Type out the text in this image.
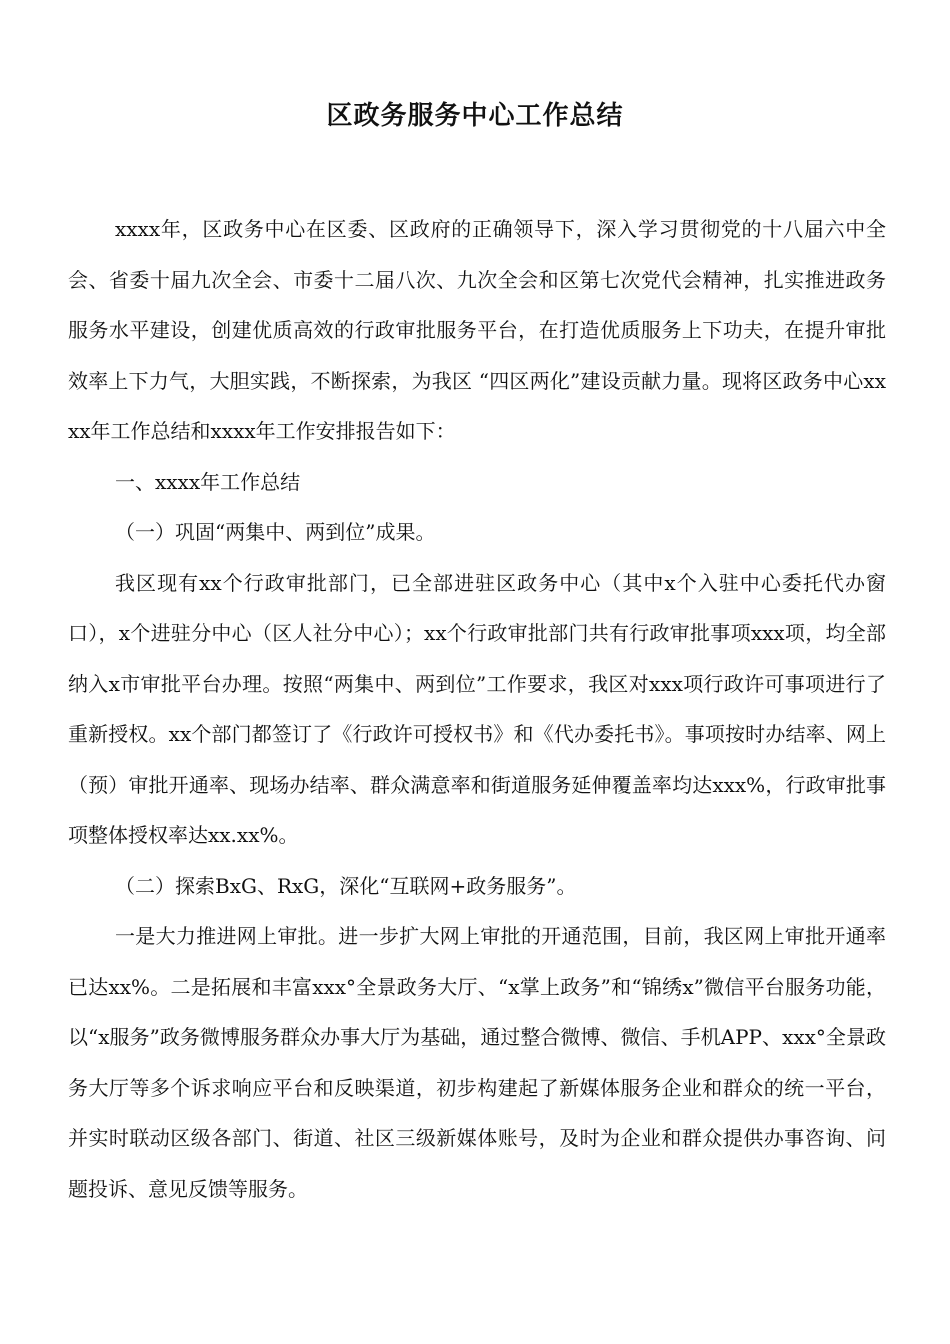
区政务服务中心工作总结

xxxx年，区政务中心在区委、区政府的正确领导下，深入学习贯彻党的十八届六中全会、省委十届九次全会、市委十二届八次、九次全会和区第七次党代会精神，扎实推进政务服务水平建设，创建优质高效的行政审批服务平台，在打造优质服务上下功夫，在提升审批效率上下力气，大胆实践，不断探索，为我区 “四区两化”建设贡献力量。现将区政务中心xxxx年工作总结和xxxx年工作安排报告如下：

一、xxxx年工作总结

（一）巩固“两集中、两到位”成果。

我区现有xx个行政审批部门，已全部进驻区政务中心（其中x个入驻中心委托代办窗口），x个进驻分中心（区人社分中心）；xx个行政审批部门共有行政审批事项xxx项，均全部纳入x市审批平台办理。按照“两集中、两到位”工作要求，我区对xxx项行政许可事项进行了重新授权。xx个部门都签订了《行政许可授权书》和《代办委托书》。事项按时办结率、网上（预）审批开通率、现场办结率、群众满意率和街道服务延伸覆盖率均达xxx%，行政审批事项整体授权率达xx.xx%。

（二）探索BxG、RxG，深化“互联网+政务服务”。

一是大力推进网上审批。进一步扩大网上审批的开通范围，目前，我区网上审批开通率已达xx%。二是拓展和丰富xxx°全景政务大厅、“x掌上政务”和“锦绣x”微信平台服务功能，以“x服务”政务微博服务群众办事大厅为基础，通过整合微博、微信、手机APP、xxx°全景政务大厅等多个诉求响应平台和反映渠道，初步构建起了新媒体服务企业和群众的统一平台，并实时联动区级各部门、街道、社区三级新媒体账号，及时为企业和群众提供办事咨询、问题投诉、意见反馈等服务。
